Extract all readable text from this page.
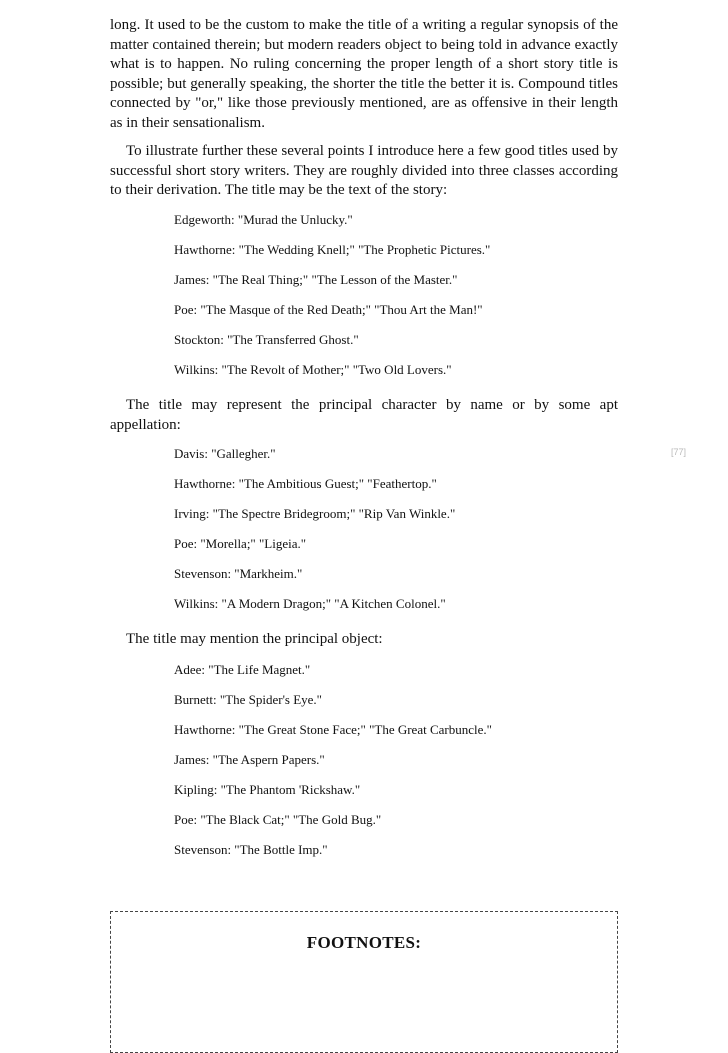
long. It used to be the custom to make the title of a writing a regular synopsis of the matter contained therein; but modern readers object to being told in advance exactly what is to happen. No ruling concerning the proper length of a short story title is possible; but generally speaking, the shorter the title the better it is. Compound titles connected by "or," like those previously mentioned, are as offensive in their length as in their sensationalism.

To illustrate further these several points I introduce here a few good titles used by successful short story writers. They are roughly divided into three classes according to their derivation. The title may be the text of the story:

Edgeworth: "Murad the Unlucky."
Hawthorne: "The Wedding Knell;" "The Prophetic Pictures."
James: "The Real Thing;" "The Lesson of the Master."
Poe: "The Masque of the Red Death;" "Thou Art the Man!"
Stockton: "The Transferred Ghost."
Wilkins: "The Revolt of Mother;" "Two Old Lovers."

The title may represent the principal character by name or by some apt appellation:

[77]
Davis: "Gallegher."
Hawthorne: "The Ambitious Guest;" "Feathertop."
Irving: "The Spectre Bridegroom;" "Rip Van Winkle."
Poe: "Morella;" "Ligeia."
Stevenson: "Markheim."
Wilkins: "A Modern Dragon;" "A Kitchen Colonel."

The title may mention the principal object:

Adee: "The Life Magnet."
Burnett: "The Spider's Eye."
Hawthorne: "The Great Stone Face;" "The Great Carbuncle."
James: "The Aspern Papers."
Kipling: "The Phantom 'Rickshaw."
Poe: "The Black Cat;" "The Gold Bug."
Stevenson: "The Bottle Imp."
FOOTNOTES:
